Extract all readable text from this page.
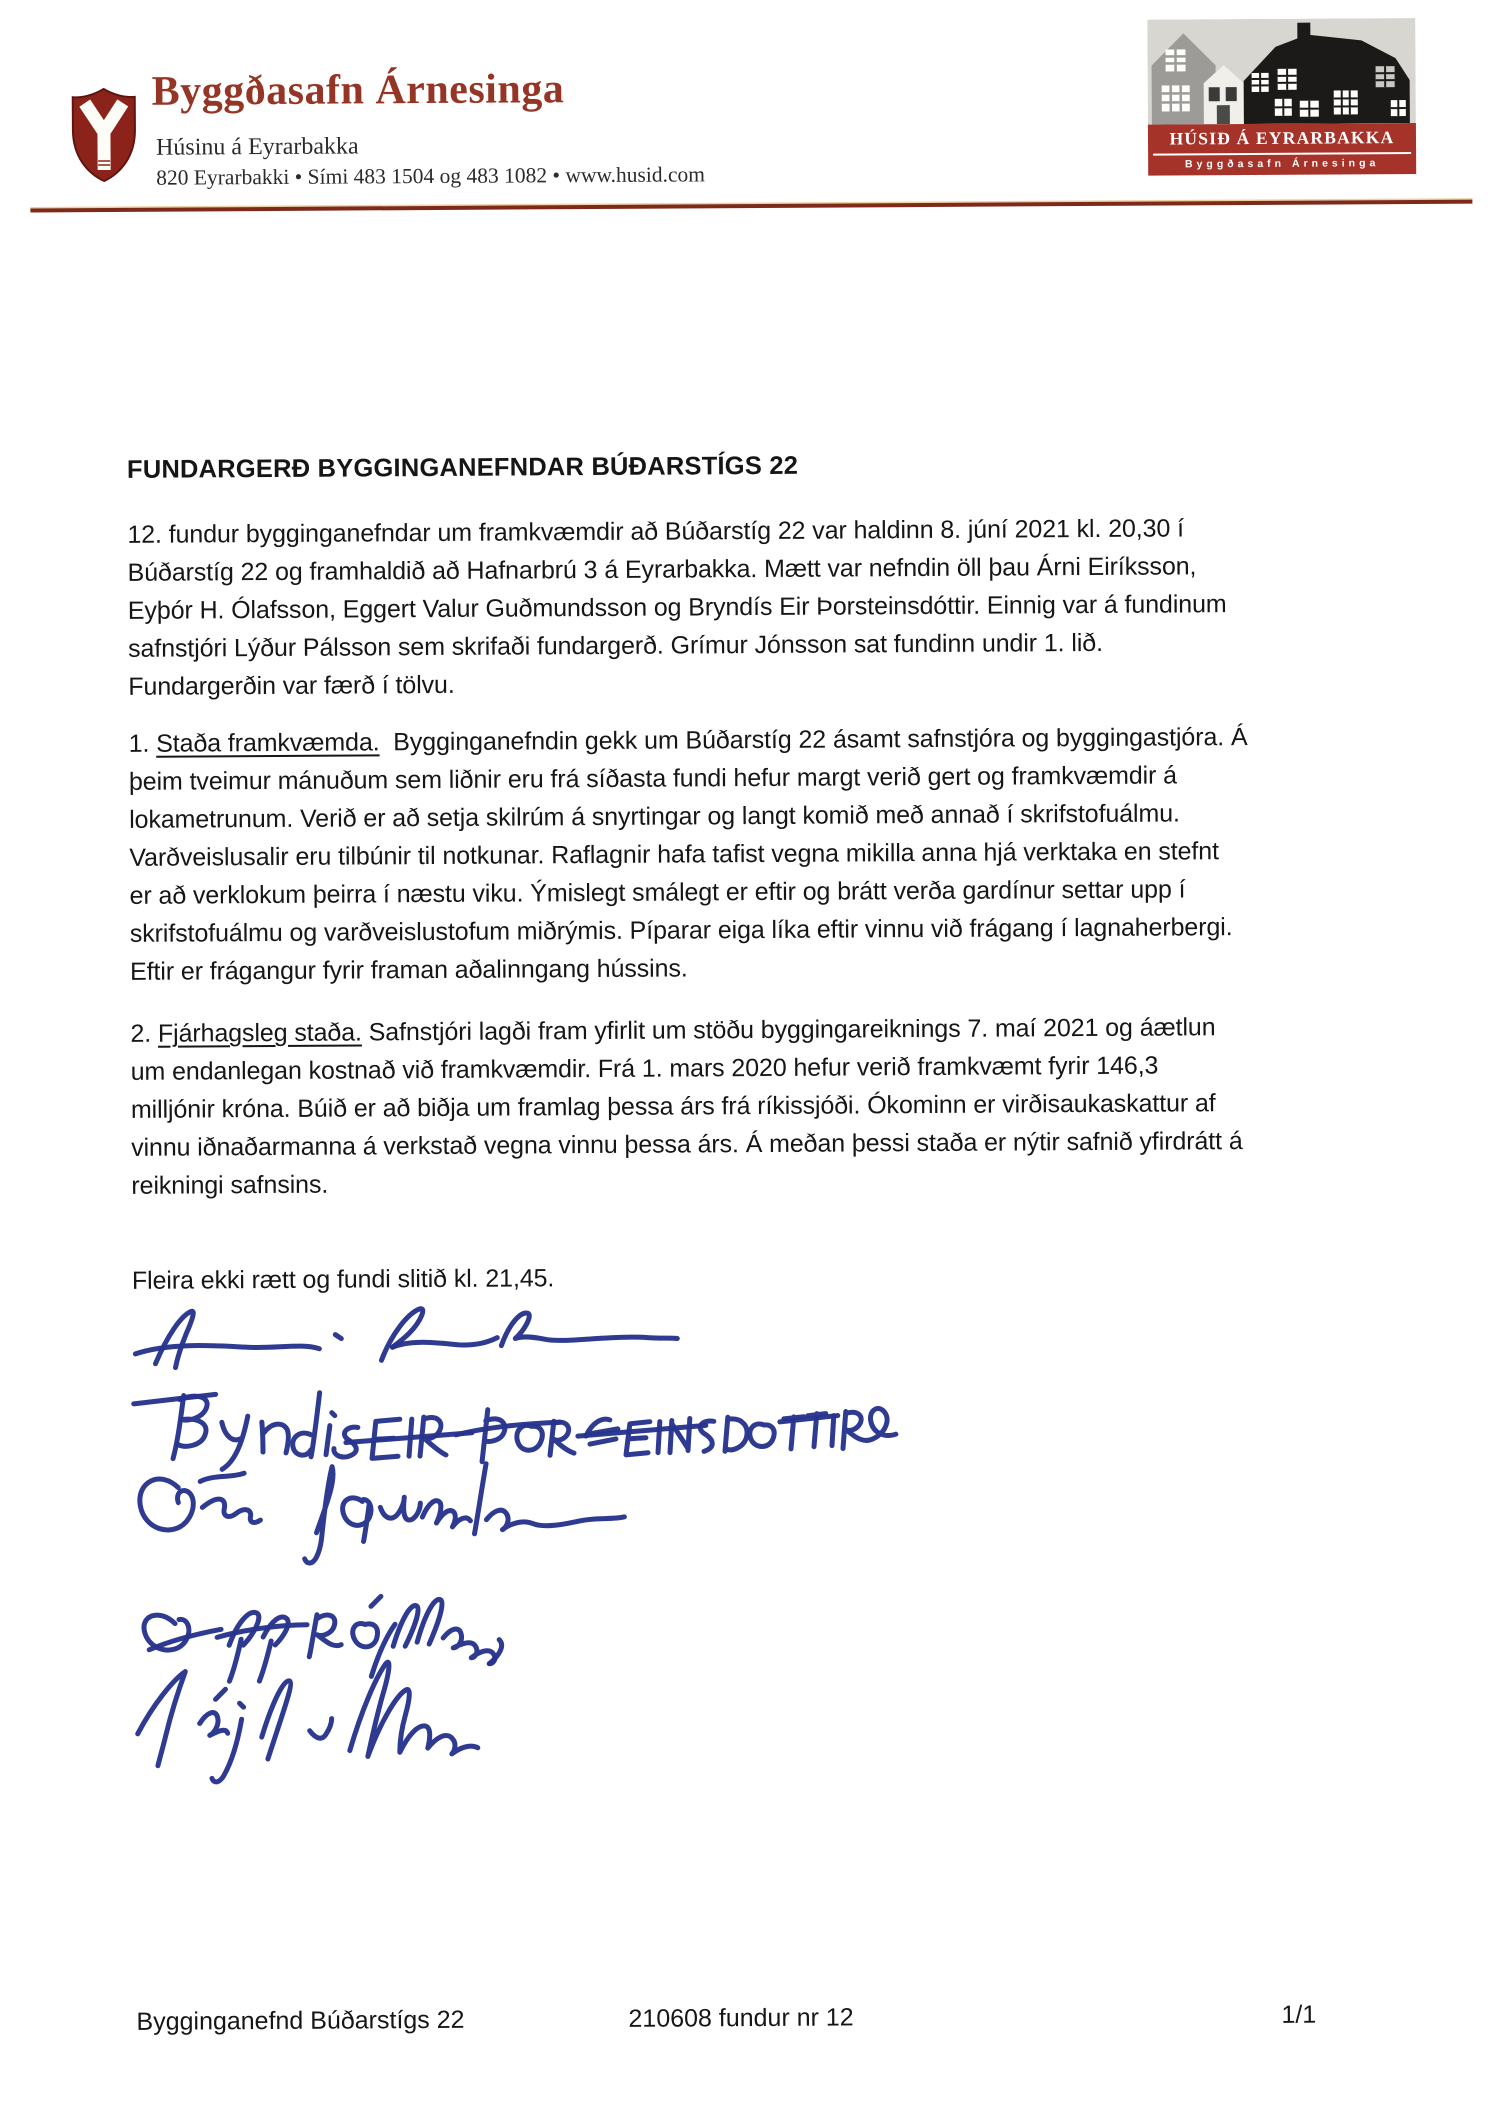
Byggðasafn Árnesinga
Húsinu á Eyrarbakka
820 Eyrarbakki • Sími 483 1504 og 483 1082 • www.husid.com
HÚSIÐ Á EYRARBAKKA
Byggðasafn Árnesinga
FUNDARGERÐ BYGGINGANEFNDAR BÚÐARSTÍGS 22
12. fundur bygginganefndar um framkvæmdir að Búðarstíg 22 var haldinn 8. júní 2021 kl. 20,30 í
Búðarstíg 22 og framhaldið að Hafnarbrú 3 á Eyrarbakka. Mætt var nefndin öll þau Árni Eiríksson,
Eyþór H. Ólafsson, Eggert Valur Guðmundsson og Bryndís Eir Þorsteinsdóttir. Einnig var á fundinum
safnstjóri Lýður Pálsson sem skrifaði fundargerð. Grímur Jónsson sat fundinn undir 1. lið.
Fundargerðin var færð í tölvu.
1. Staða framkvæmda.  Bygginganefndin gekk um Búðarstíg 22 ásamt safnstjóra og byggingastjóra. Á
þeim tveimur mánuðum sem liðnir eru frá síðasta fundi hefur margt verið gert og framkvæmdir á
lokametrunum. Verið er að setja skilrúm á snyrtingar og langt komið með annað í skrifstofuálmu.
Varðveislusalir eru tilbúnir til notkunar. Raflagnir hafa tafist vegna mikilla anna hjá verktaka en stefnt
er að verklokum þeirra í næstu viku. Ýmislegt smálegt er eftir og brátt verða gardínur settar upp í
skrifstofuálmu og varðveislustofum miðrýmis. Píparar eiga líka eftir vinnu við frágang í lagnaherbergi.
Eftir er frágangur fyrir framan aðalinngang hússins.
2. Fjárhagsleg staða. Safnstjóri lagði fram yfirlit um stöðu byggingareiknings 7. maí 2021 og áætlun
um endanlegan kostnað við framkvæmdir. Frá 1. mars 2020 hefur verið framkvæmt fyrir 146,3
milljónir króna. Búið er að biðja um framlag þessa árs frá ríkissjóði. Ókominn er virðisaukaskattur af
vinnu iðnaðarmanna á verkstað vegna vinnu þessa árs. Á meðan þessi staða er nýtir safnið yfirdrátt á
reikningi safnsins.
Fleira ekki rætt og fundi slitið kl. 21,45.
Bygginganefnd Búðarstígs 22	210608 fundur nr 12	1/1
